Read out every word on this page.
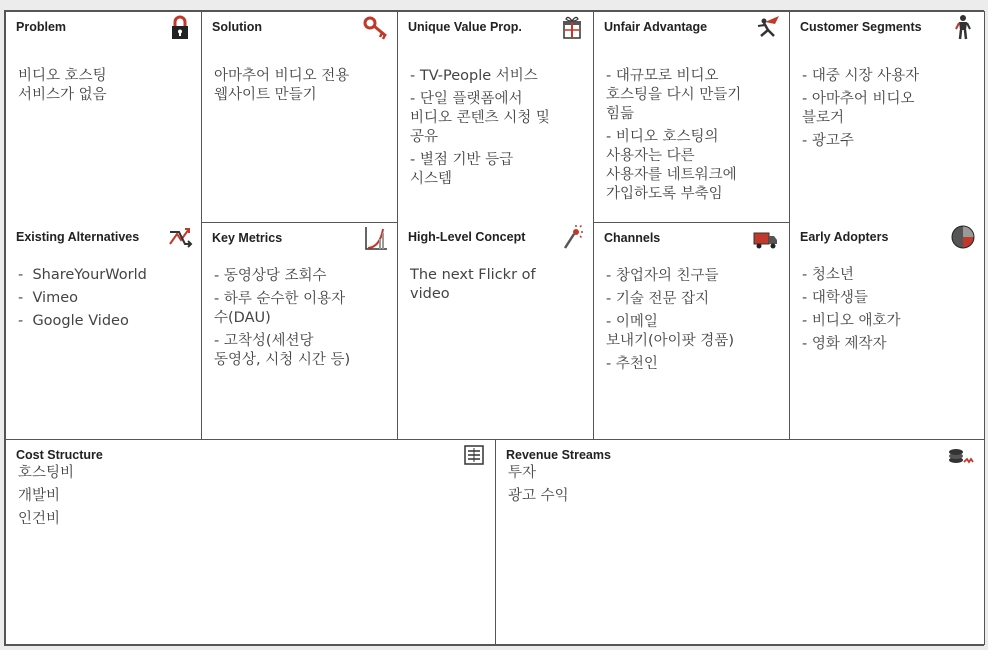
Problem
비디오 호스팅
서비스가 없음
Solution
아마추어 비디오 전용
웹사이트 만들기
Key Metrics
- 동영상당 조회수
- 하루 순수한 이용자
수(DAU)
- 고착성(세션당
동영상, 시청 시간 등)
Unique Value Prop.
- TV-People 서비스
- 단일 플랫폼에서
비디오 콘텐츠 시청 및
공유
- 별점 기반 등급
시스템
High-Level Concept
The next Flickr of
video
Unfair Advantage
- 대규모로 비디오
호스팅을 다시 만들기
힘듦
- 비디오 호스팅의
사용자는 다른
사용자를 네트워크에
가입하도록 부축임
Channels
- 창업자의 친구들
- 기술 전문 잡지
- 이메일
보내기(아이팟 경품)
- 추천인
Customer Segments
- 대중 시장 사용자
- 아마추어 비디오
블로거
- 광고주
Early Adopters
- 청소년
- 대학생들
- 비디오 애호가
- 영화 제작자
Existing Alternatives
-  ShareYourWorld
-  Vimeo
-  Google Video
Cost Structure
호스팅비
개발비
인건비
Revenue Streams
투자
광고 수익
